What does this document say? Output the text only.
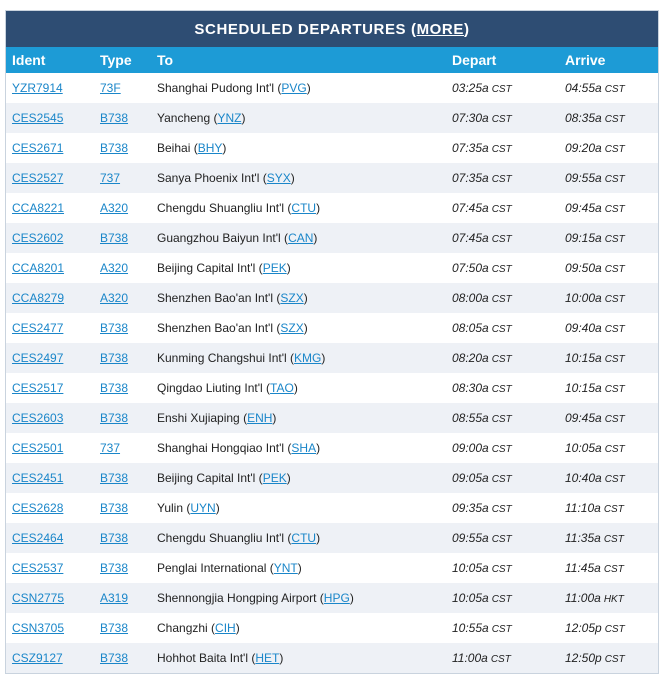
SCHEDULED DEPARTURES
( MORE )
Ident	Type	To	Depart	Arrive
YZR7914	73F	Shanghai Pudong Int'l (PVG)	03:25a CST	04:55a CST
CES2545	B738	Yancheng (YNZ)	07:30a CST	08:35a CST
CES2671	B738	Beihai (BHY)	07:35a CST	09:20a CST
CES2527	737	Sanya Phoenix Int'l (SYX)	07:35a CST	09:55a CST
CCA8221	A320	Chengdu Shuangliu Int'l (CTU)	07:45a CST	09:45a CST
CES2602	B738	Guangzhou Baiyun Int'l (CAN)	07:45a CST	09:15a CST
CCA8201	A320	Beijing Capital Int'l (PEK)	07:50a CST	09:50a CST
CCA8279	A320	Shenzhen Bao'an Int'l (SZX)	08:00a CST	10:00a CST
CES2477	B738	Shenzhen Bao'an Int'l (SZX)	08:05a CST	09:40a CST
CES2497	B738	Kunming Changshui Int'l (KMG)	08:20a CST	10:15a CST
CES2517	B738	Qingdao Liuting Int'l (TAO)	08:30a CST	10:15a CST
CES2603	B738	Enshi Xujiaping (ENH)	08:55a CST	09:45a CST
CES2501	737	Shanghai Hongqiao Int'l (SHA)	09:00a CST	10:05a CST
CES2451	B738	Beijing Capital Int'l (PEK)	09:05a CST	10:40a CST
CES2628	B738	Yulin (UYN)	09:35a CST	11:10a CST
CES2464	B738	Chengdu Shuangliu Int'l (CTU)	09:55a CST	11:35a CST
CES2537	B738	Penglai International (YNT)	10:05a CST	11:45a CST
CSN2775	A319	Shennongjia Hongping Airport (HPG)	10:05a CST	11:00a HKT
CSN3705	B738	Changzhi (CIH)	10:55a CST	12:05p CST
CSZ9127	B738	Hohhot Baita Int'l (HET)	11:00a CST	12:50p CST
